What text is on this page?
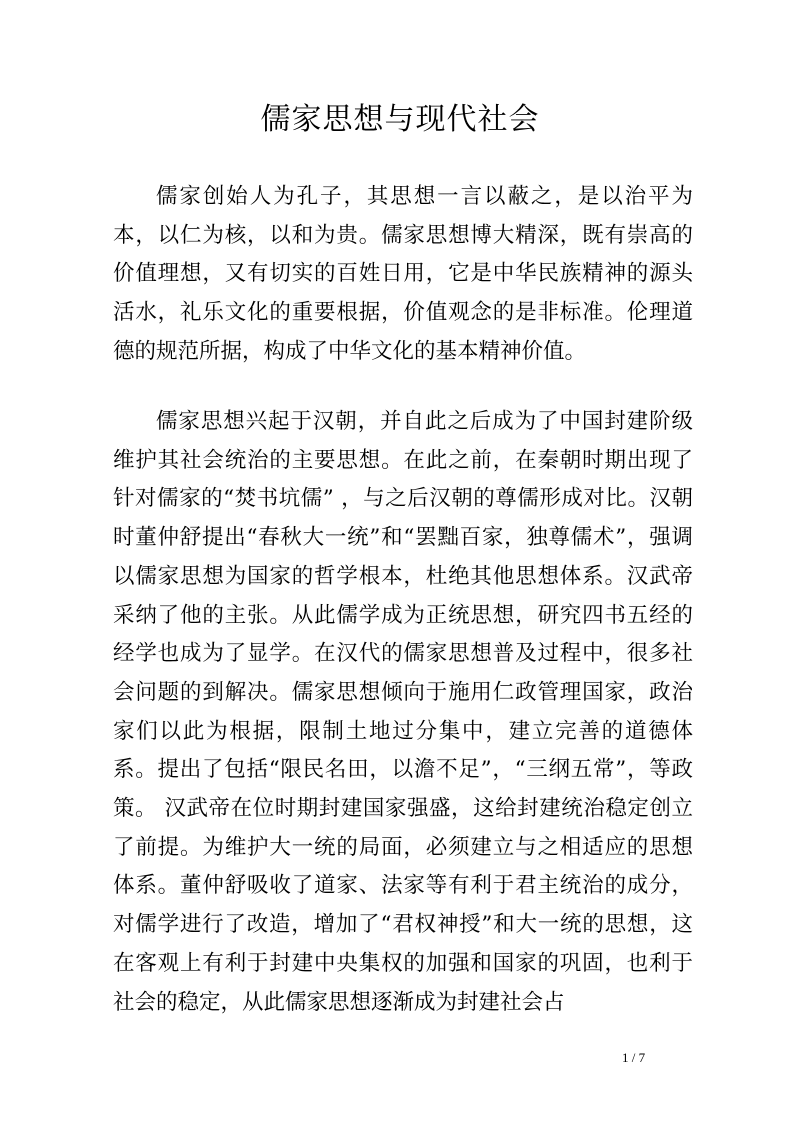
儒家思想与现代社会

儒家创始人为孔子，其思想一言以蔽之，是以治平为本，以仁为核，以和为贵。儒家思想博大精深，既有崇高的价值理想，又有切实的百姓日用，它是中华民族精神的源头活水，礼乐文化的重要根据，价值观念的是非标准。伦理道德的规范所据，构成了中华文化的基本精神价值。

儒家思想兴起于汉朝，并自此之后成为了中国封建阶级维护其社会统治的主要思想。在此之前，在秦朝时期出现了针对儒家的“焚书坑儒” ，与之后汉朝的尊儒形成对比。汉朝时董仲舒提出“春秋大一统”和“罢黜百家，独尊儒术”，强调以儒家思想为国家的哲学根本，杜绝其他思想体系。汉武帝采纳了他的主张。从此儒学成为正统思想，研究四书五经的经学也成为了显学。在汉代的儒家思想普及过程中，很多社会问题的到解决。儒家思想倾向于施用仁政管理国家，政治家们以此为根据，限制土地过分集中，建立完善的道德体系。提出了包括“限民名田，以澹不足”，“三纲五常”，等政策。 汉武帝在位时期封建国家强盛，这给封建统治稳定创立了前提。为维护大一统的局面，必须建立与之相适应的思想体系。董仲舒吸收了道家、法家等有利于君主统治的成分，对儒学进行了改造，增加了“君权神授”和大一统的思想，这在客观上有利于封建中央集权的加强和国家的巩固，也利于社会的稳定，从此儒家思想逐渐成为封建社会占

1 / 7
